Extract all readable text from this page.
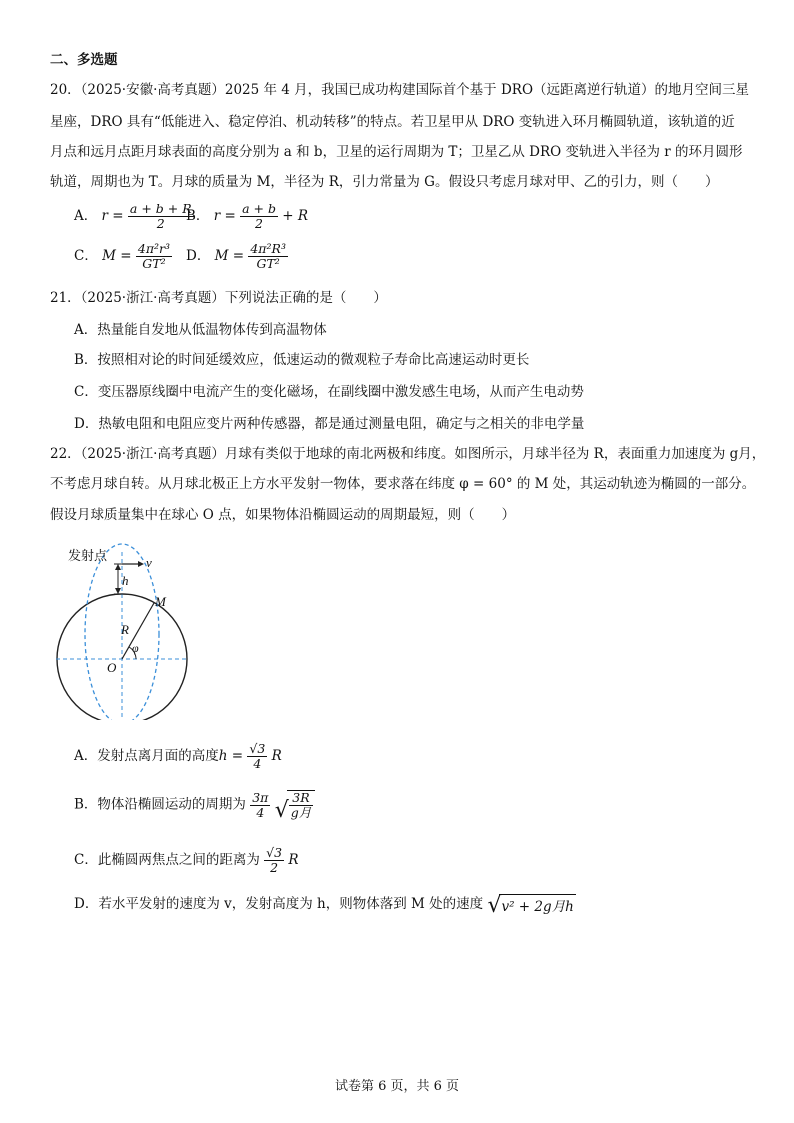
二、多选题
20．（2025·安徽·高考真题）2025 年 4 月，我国已成功构建国际首个基于 DRO（远距离逆行轨道）的地月空间三星
星座，DRO 具有“低能进入、稳定停泊、机动转移”的特点。若卫星甲从 DRO 变轨进入环月椭圆轨道，该轨道的近
月点和远月点距月球表面的高度分别为 a 和 b，卫星的运行周期为 T；卫星乙从 DRO 变轨进入半径为 r 的环月圆形
轨道，周期也为 T。月球的质量为 M，半径为 R，引力常量为 G。假设只考虑月球对甲、乙的引力，则（　　）
A． $r = \frac{a + b + R}{2}$
B． $r = \frac{a + b}{2} + R$
C． $M = \frac{\text{4π²r³}}{\text{GT²}}$ D． $M = \frac{\text{4π²R³}}{\text{GT²}}$
21．（2025·浙江·高考真题）下列说法正确的是（　　）
A．热量能自发地从低温物体传到高温物体
B．按照相对论的时间延缓效应，低速运动的微观粒子寿命比高速运动时更长
C．变压器原线圈中电流产生的变化磁场，在副线圈中激发感生电场，从而产生电动势
D．热敏电阻和电阻应变片两种传感器，都是通过测量电阻，确定与之相关的非电学量
22．（2025·浙江·高考真题）月球有类似于地球的南北两极和纬度。如图所示，月球半径为 R，表面重力加速度为 g月，
不考虑月球自转。从月球北极正上方水平发射一物体，要求落在纬度 φ = 60° 的 M 处，其运动轨迹为椭圆的一部分。
假设月球质量集中在球心 O 点，如果物体沿椭圆运动的周期最短，则（　　）
发射点	v
h
M
R
φ
O
A．发射点离月面的高度$h = \frac{√3}{4}$ R
B．物体沿椭圆运动的周期为 $\frac{3\pi}{4}$
√ $\frac{3R}{\text{g月}}$
C．此椭圆两焦点之间的距离为 $\frac{√3}{2}$ R
D．若水平发射的速度为 v，发射高度为 h，则物体落到 M 处的速度 √ v² + 2g月h
试卷第 6 页，共 6 页
